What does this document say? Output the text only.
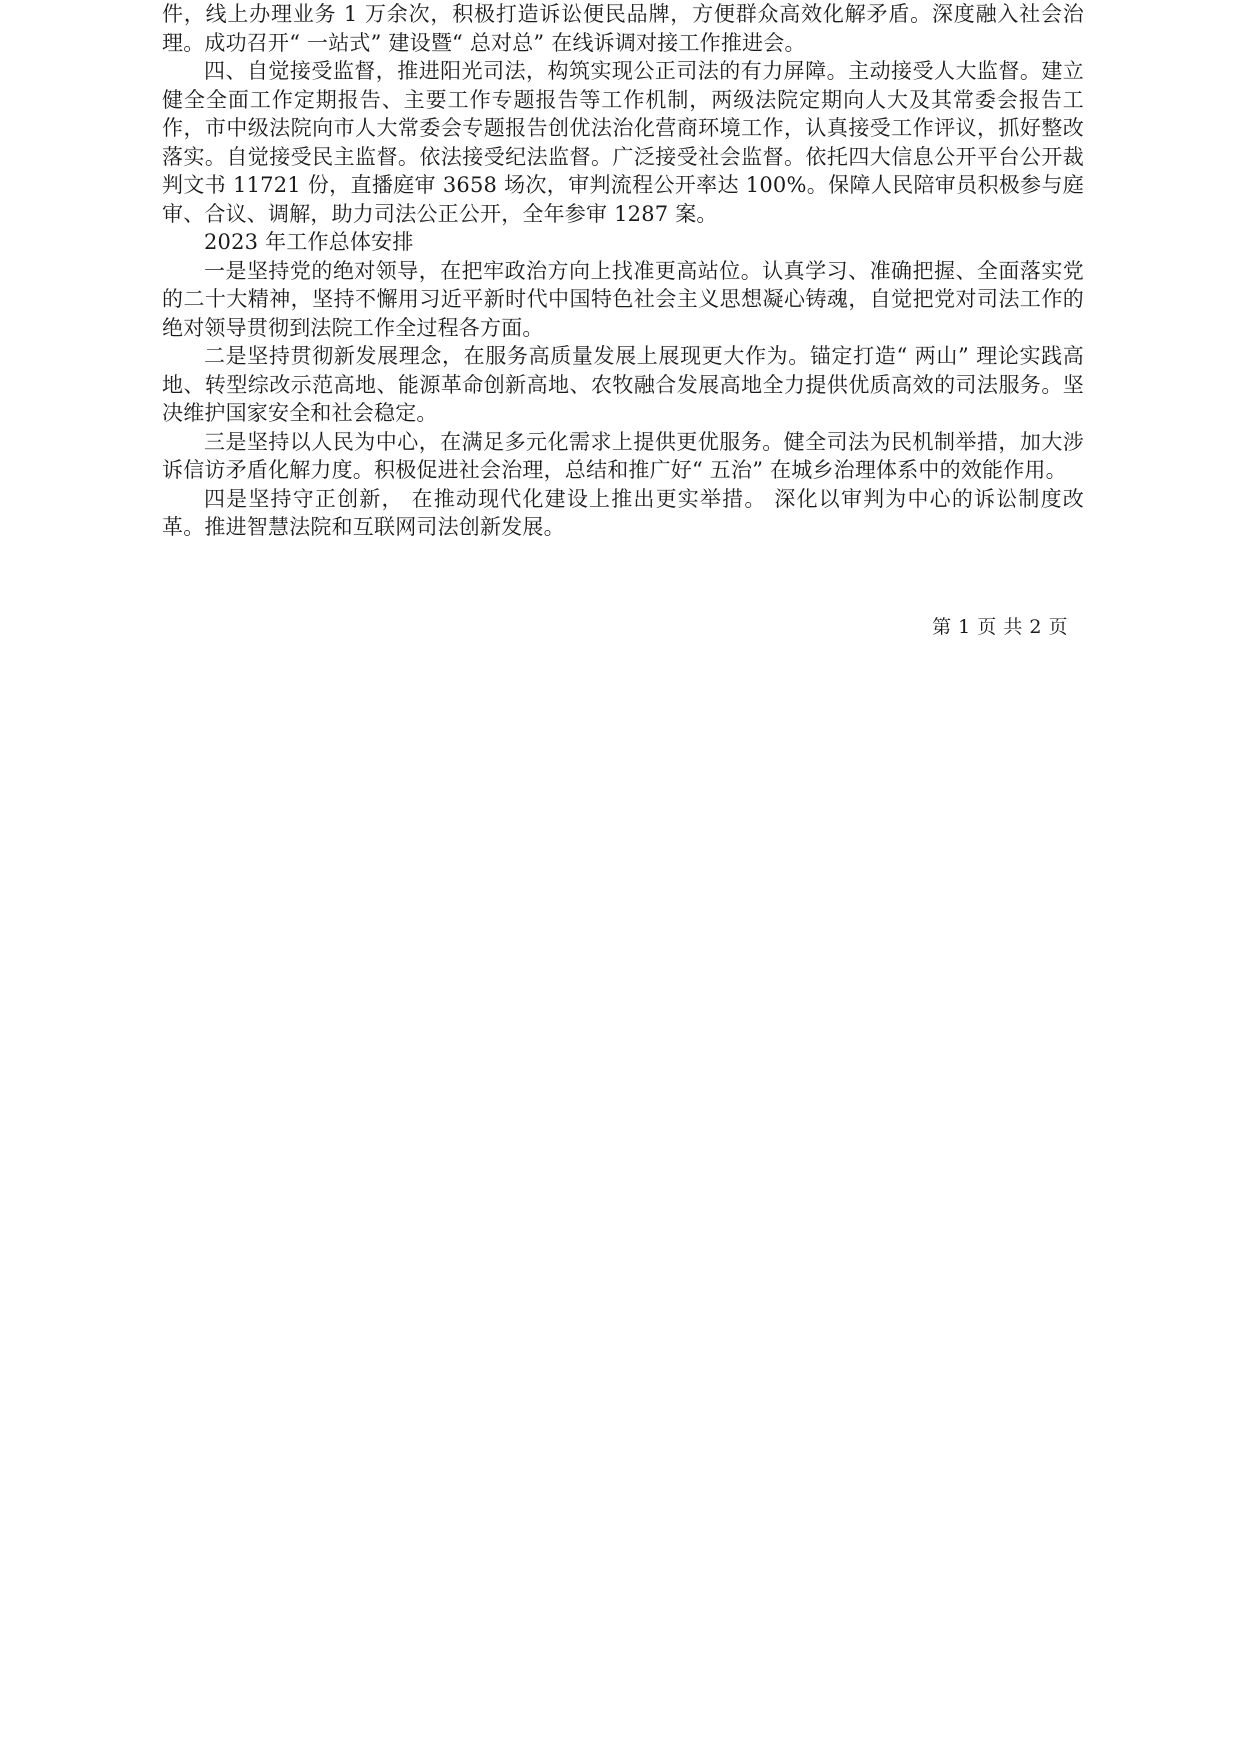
件，线上办理业务 1 万余次，积极打造诉讼便民品牌，方便群众高效化解矛盾。深度融入社会治理。成功召开“ 一站式” 建设暨“ 总对总” 在线诉调对接工作推进会。

四、自觉接受监督，推进阳光司法，构筑实现公正司法的有力屏障。主动接受人大监督。建立健全全面工作定期报告、主要工作专题报告等工作机制，两级法院定期向人大及其常委会报告工作，市中级法院向市人大常委会专题报告创优法治化营商环境工作，认真接受工作评议，抓好整改落实。自觉接受民主监督。依法接受纪法监督。广泛接受社会监督。依托四大信息公开平台公开裁判文书 11721 份，直播庭审 3658 场次，审判流程公开率达 100%。保障人民陪审员积极参与庭审、合议、调解，助力司法公正公开，全年参审 1287 案。

2023 年工作总体安排

一是坚持党的绝对领导，在把牢政治方向上找准更高站位。认真学习、准确把握、全面落实党的二十大精神，坚持不懈用习近平新时代中国特色社会主义思想凝心铸魂，自觉把党对司法工作的绝对领导贯彻到法院工作全过程各方面。

二是坚持贯彻新发展理念，在服务高质量发展上展现更大作为。锚定打造“ 两山” 理论实践高地、转型综改示范高地、能源革命创新高地、农牧融合发展高地全力提供优质高效的司法服务。坚决维护国家安全和社会稳定。

三是坚持以人民为中心，在满足多元化需求上提供更优服务。健全司法为民机制举措，加大涉诉信访矛盾化解力度。积极促进社会治理，总结和推广好“ 五治” 在城乡治理体系中的效能作用。

四是坚持守正创新， 在推动现代化建设上推出更实举措。 深化以审判为中心的诉讼制度改革。推进智慧法院和互联网司法创新发展。

第 1 页 共 2 页
